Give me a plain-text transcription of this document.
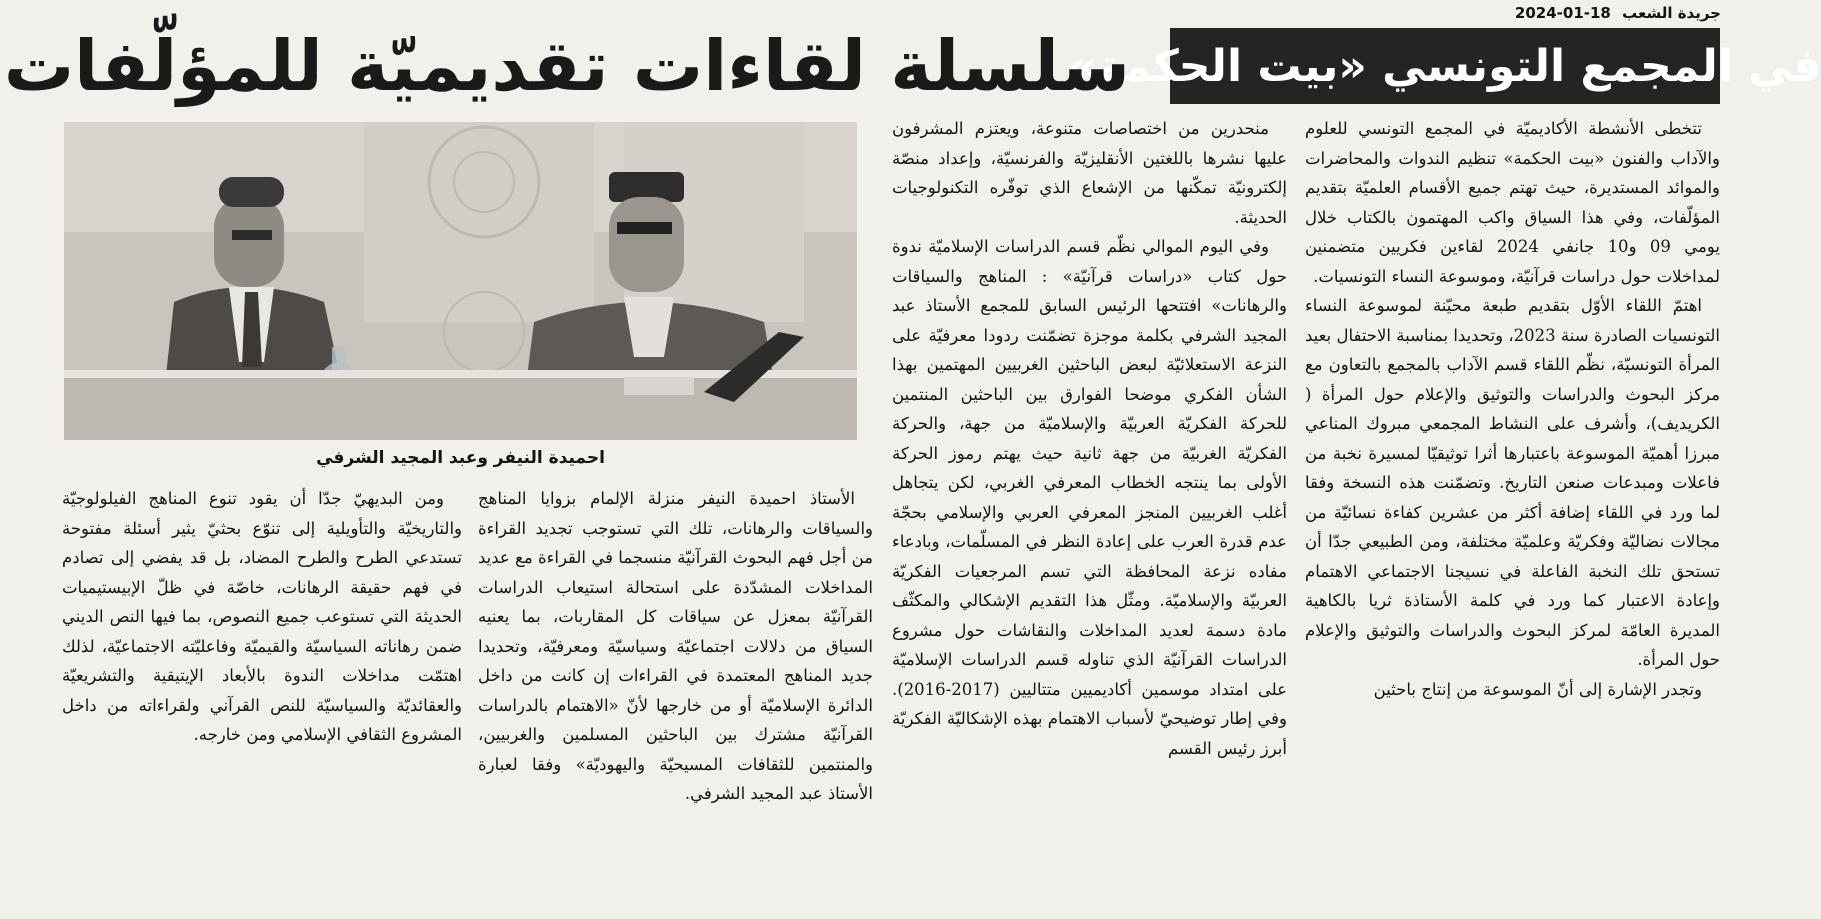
جريدة الشعب 2024-01-18
في المجمع التونسي «بيت الحكمة»
سلسلة لقاءات تقديميّة للمؤلّفات

تتخطى الأنشطة الأكاديميّة في المجمع التونسي للعلوم والآداب والفنون «بيت الحكمة» تنظيم الندوات والمحاضرات والموائد المستديرة، حيث تهتم جميع الأقسام العلميّة بتقديم المؤلّفات، وفي هذا السياق واكب المهتمون بالكتاب خلال يومي 09 و10 جانفي 2024 لقاءين فكريين متضمنين لمداخلات حول دراسات قرآنيّة، وموسوعة النساء التونسيات.

اهتمّ اللقاء الأوّل بتقديم طبعة محيّنة لموسوعة النساء التونسيات الصادرة سنة 2023، وتحديدا بمناسبة الاحتفال بعيد المرأة التونسيّة، نظّم اللقاء قسم الآداب بالمجمع بالتعاون مع مركز البحوث والدراسات والتوثيق والإعلام حول المرأة ( الكريديف)، وأشرف على النشاط المجمعي مبروك المناعي مبرزا أهميّة الموسوعة باعتبارها أثرا توثيقيّا لمسيرة نخبة من فاعلات ومبدعات صنعن التاريخ. وتضمّنت هذه النسخة وفقا لما ورد في اللقاء إضافة أكثر من عشرين كفاءة نسائيّة من مجالات نضاليّة وفكريّة وعلميّة مختلفة، ومن الطبيعي جدّا أن تستحق تلك النخبة الفاعلة في نسيجنا الاجتماعي الاهتمام وإعادة الاعتبار كما ورد في كلمة الأستاذة ثريا بالكاهية المديرة العامّة لمركز البحوث والدراسات والتوثيق والإعلام حول المرأة.

وتجدر الإشارة إلى أنّ الموسوعة من إنتاج باحثين

منحدرين من اختصاصات متنوعة، ويعتزم المشرفون عليها نشرها باللغتين الأنقليزيّة والفرنسيّة، وإعداد منصّة إلكترونيّة تمكّنها من الإشعاع الذي توفّره التكنولوجيات الحديثة.

وفي اليوم الموالي نظّم قسم الدراسات الإسلاميّة ندوة حول كتاب «دراسات قرآنيّة» : المناهج والسياقات والرهانات» افتتحها الرئيس السابق للمجمع الأستاذ عبد المجيد الشرفي بكلمة موجزة تضمّنت ردودا معرفيّة على النزعة الاستعلائيّة لبعض الباحثين الغربيين المهتمين بهذا الشأن الفكري موضحا الفوارق بين الباحثين المنتمين للحركة الفكريّة العربيّة والإسلاميّة من جهة، والحركة الفكريّة الغربيّة من جهة ثانية حيث يهتم رموز الحركة الأولى بما ينتجه الخطاب المعرفي الغربي، لكن يتجاهل أغلب الغربيين المنجز المعرفي العربي والإسلامي بحجّة عدم قدرة العرب على إعادة النظر في المسلّمات، وبادعاء مفاده نزعة المحافظة التي تسم المرجعيات الفكريّة العربيّة والإسلاميّة. ومثّل هذا التقديم الإشكالي والمكثّف مادة دسمة لعديد المداخلات والنقاشات حول مشروع الدراسات القرآنيّة الذي تناوله قسم الدراسات الإسلاميّة على امتداد موسمين أكاديميين متتاليين (2017-2016). وفي إطار توضيحيّ لأسباب الاهتمام بهذه الإشكاليّة الفكريّة أبرز رئيس القسم

احميدة النيفر وعبد المجيد الشرفي

الأستاذ احميدة النيفر منزلة الإلمام بزوايا المناهج والسياقات والرهانات، تلك التي تستوجب تجديد القراءة من أجل فهم البحوث القرآنيّة منسجما في القراءة مع عديد المداخلات المشدّدة على استحالة استيعاب الدراسات القرآنيّة بمعزل عن سياقات كل المقاربات، بما يعنيه السياق من دلالات اجتماعيّة وسياسيّة ومعرفيّة، وتحديدا جديد المناهج المعتمدة في القراءات إن كانت من داخل الدائرة الإسلاميّة أو من خارجها لأنّ «الاهتمام بالدراسات القرآنيّة مشترك بين الباحثين المسلمين والغربيين، والمنتمين للثقافات المسيحيّة واليهوديّة» وفقا لعبارة الأستاذ عبد المجيد الشرفي.

ومن البديهيّ جدّا أن يقود تنوع المناهج الفيلولوجيّة والتاريخيّة والتأويلية إلى تنوّع بحثيّ يثير أسئلة مفتوحة تستدعي الطرح والطرح المضاد، بل قد يفضي إلى تصادم في فهم حقيقة الرهانات، خاصّة في ظلّ الإبيستيميات الحديثة التي تستوعب جميع النصوص، بما فيها النص الديني ضمن رهاناته السياسيّة والقيميّة وفاعليّته الاجتماعيّة، لذلك اهتمّت مداخلات الندوة بالأبعاد الإيتيقية والتشريعيّة والعقائديّة والسياسيّة للنص القرآني ولقراءاته من داخل المشروع الثقافي الإسلامي ومن خارجه.
